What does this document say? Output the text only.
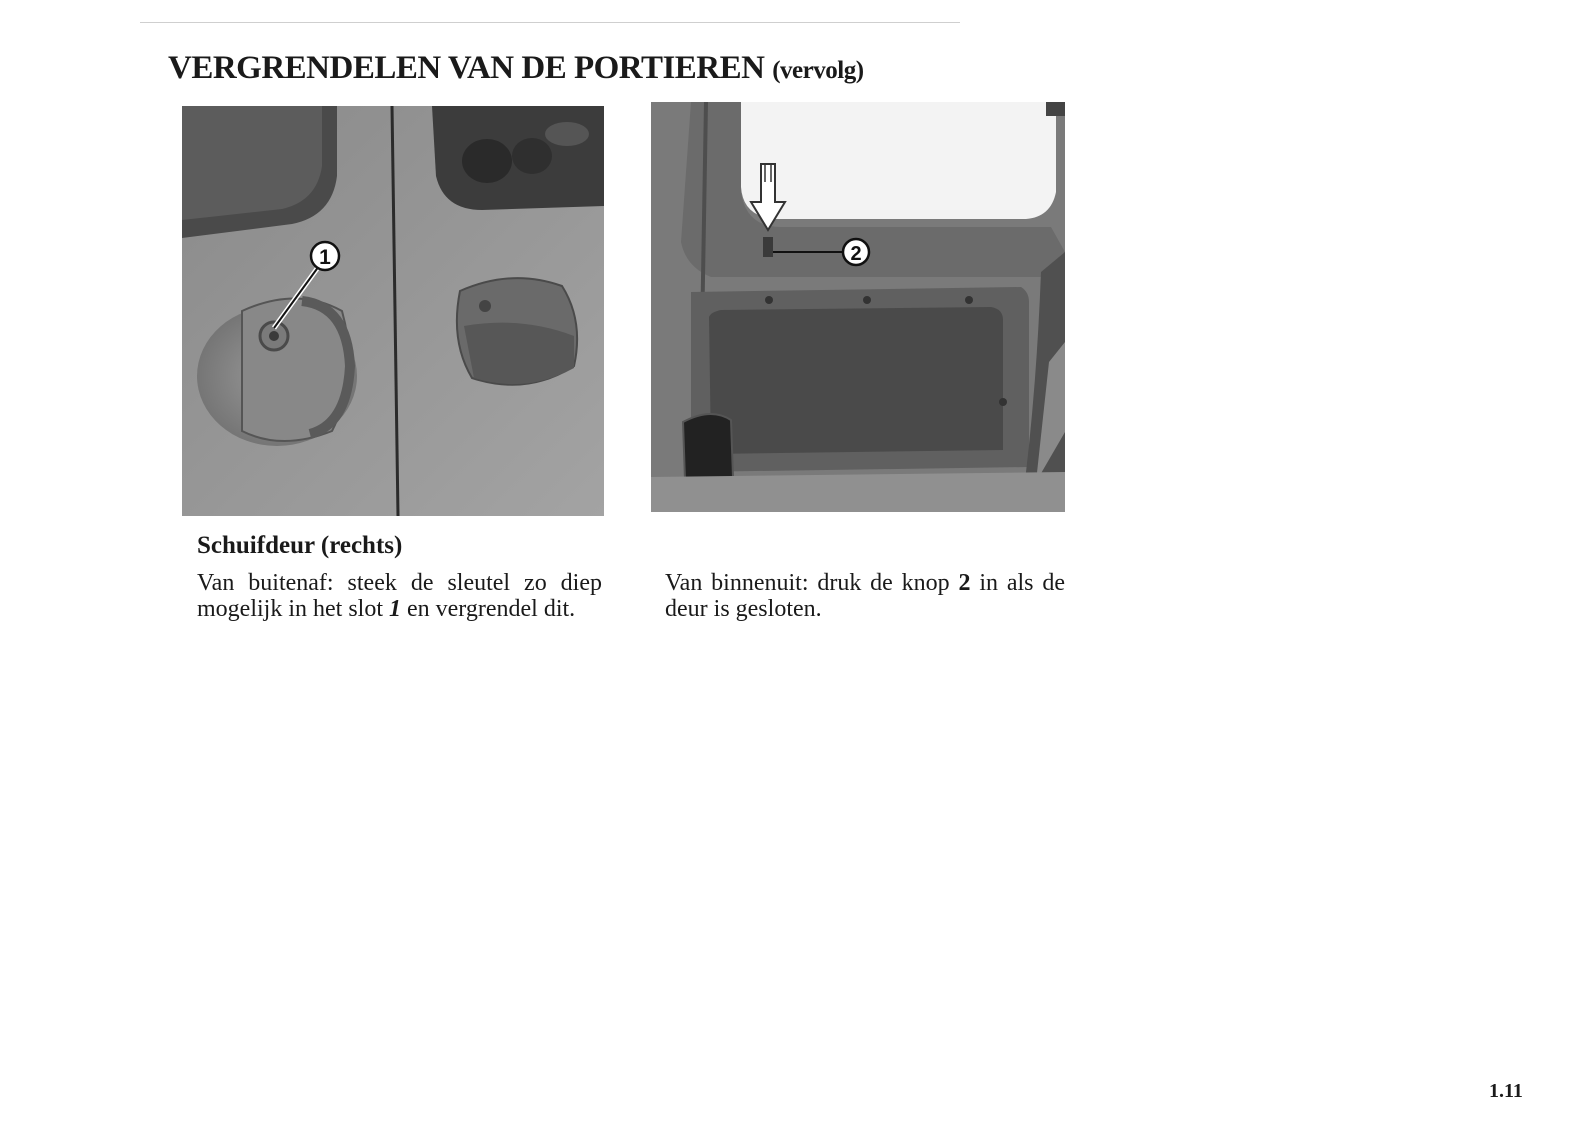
VERGRENDELEN VAN DE PORTIEREN (vervolg)
1	2
Schuifdeur (rechts)

Van buitenaf: steek de sleutel zo diep mogelijk in het slot 1 en vergrendel dit.

Van binnenuit: druk de knop 2 in als de deur is gesloten.

1.11
